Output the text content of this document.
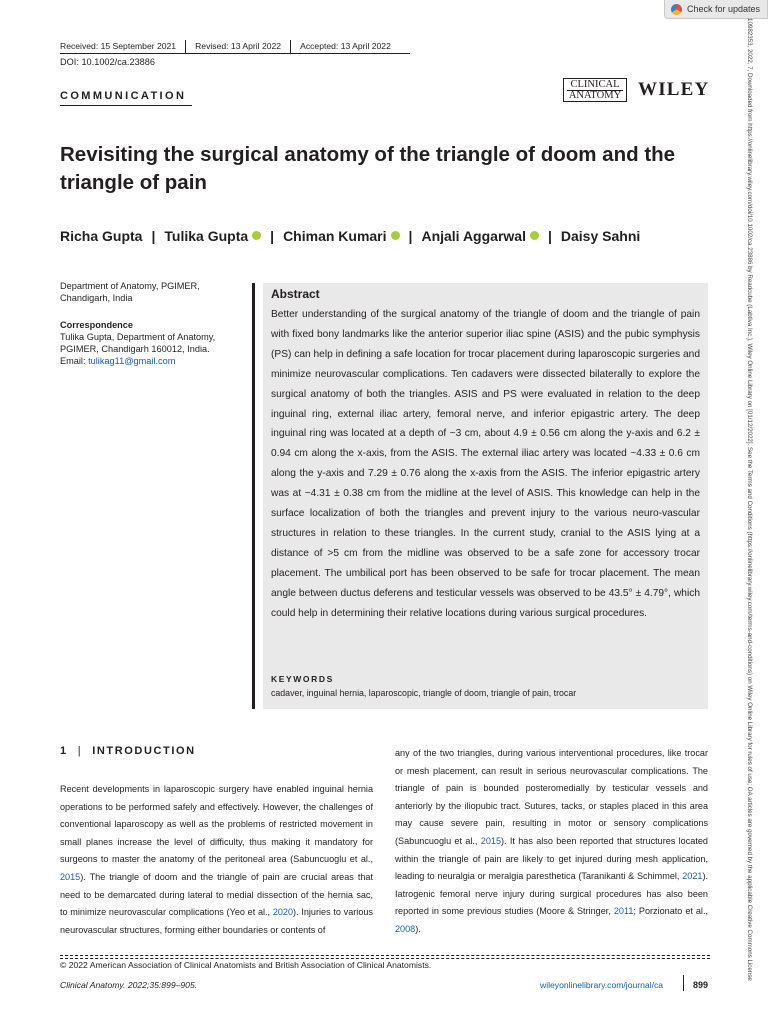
Check for updates
10982353, 2022, 7, Downloaded from https://onlinelibrary.wiley.com/doi/10.1002/ca.23886 by Readcube (Labtiva Inc.), Wiley Online Library on [01/12/2022]. See the Terms and Conditions (https://onlinelibrary.wiley.com/terms-and-conditions) on Wiley Online Library for rules of use; OA articles are governed by the applicable Creative Commons License
Received: 15 September 2021 Revised: 13 April 2022 Accepted: 13 April 2022
DOI: 10.1002/ca.23886
COMMUNICATION
CLINICAL
ANATOMY WILEY
Revisiting the surgical anatomy of the triangle of doom and the triangle of pain
Richa Gupta | Tulika Gupta | Chiman Kumari | Anjali Aggarwal | Daisy Sahni
Department of Anatomy, PGIMER, Chandigarh, India
Correspondence
Tulika Gupta, Department of Anatomy, PGIMER, Chandigarh 160012, India.
Email: tulikag11@gmail.com
Abstract
Better understanding of the surgical anatomy of the triangle of doom and the triangle of pain with fixed bony landmarks like the anterior superior iliac spine (ASIS) and the pubic symphysis (PS) can help in defining a safe location for trocar placement during laparoscopic surgeries and minimize neurovascular complications. Ten cadavers were dissected bilaterally to explore the surgical anatomy of both the triangles. ASIS and PS were evaluated in relation to the deep inguinal ring, external iliac artery, femoral nerve, and inferior epigastric artery. The deep inguinal ring was located at a depth of ~3 cm, about 4.9 ± 0.56 cm along the y-axis and 6.2 ± 0.94 cm along the x-axis, from the ASIS. The external iliac artery was located ~4.33 ± 0.6 cm along the y-axis and 7.29 ± 0.76 along the x-axis from the ASIS. The inferior epigastric artery was at ~4.31 ± 0.38 cm from the midline at the level of ASIS. This knowledge can help in the surface localization of both the triangles and prevent injury to the various neuro-vascular structures in relation to these triangles. In the current study, cranial to the ASIS lying at a distance of >5 cm from the midline was observed to be a safe zone for accessory trocar placement. The umbilical port has been observed to be safe for trocar placement. The mean angle between ductus deferens and testicular vessels was observed to be 43.5° ± 4.79°, which could help in determining their relative locations during various surgical procedures.
KEYWORDS
cadaver, inguinal hernia, laparoscopic, triangle of doom, triangle of pain, trocar
1 | INTRODUCTION
Recent developments in laparoscopic surgery have enabled inguinal hernia operations to be performed safely and effectively. However, the challenges of conventional laparoscopy as well as the problems of restricted movement in small planes increase the level of difficulty, thus making it mandatory for surgeons to master the anatomy of the peritoneal area (Sabuncuoglu et al., 2015). The triangle of doom and the triangle of pain are crucial areas that need to be demarcated during lateral to medial dissection of the hernia sac, to minimize neurovascular complications (Yeo et al., 2020). Injuries to various neurovascular structures, forming either boundaries or contents of
any of the two triangles, during various interventional procedures, like trocar or mesh placement, can result in serious neurovascular complications. The triangle of pain is bounded posteromedially by testicular vessels and anteriorly by the iliopubic tract. Sutures, tacks, or staples placed in this area may cause severe pain, resulting in motor or sensory complications (Sabuncuoglu et al., 2015). It has also been reported that structures located within the triangle of pain are likely to get injured during mesh application, leading to neuralgia or meralgia paresthetica (Taranikanti & Schimmel, 2021). Iatrogenic femoral nerve injury during surgical procedures has also been reported in some previous studies (Moore & Stringer, 2011; Porzionato et al., 2008).
© 2022 American Association of Clinical Anatomists and British Association of Clinical Anatomists.
Clinical Anatomy. 2022;35:899–905.	wileyonlinelibrary.com/journal/ca	899
